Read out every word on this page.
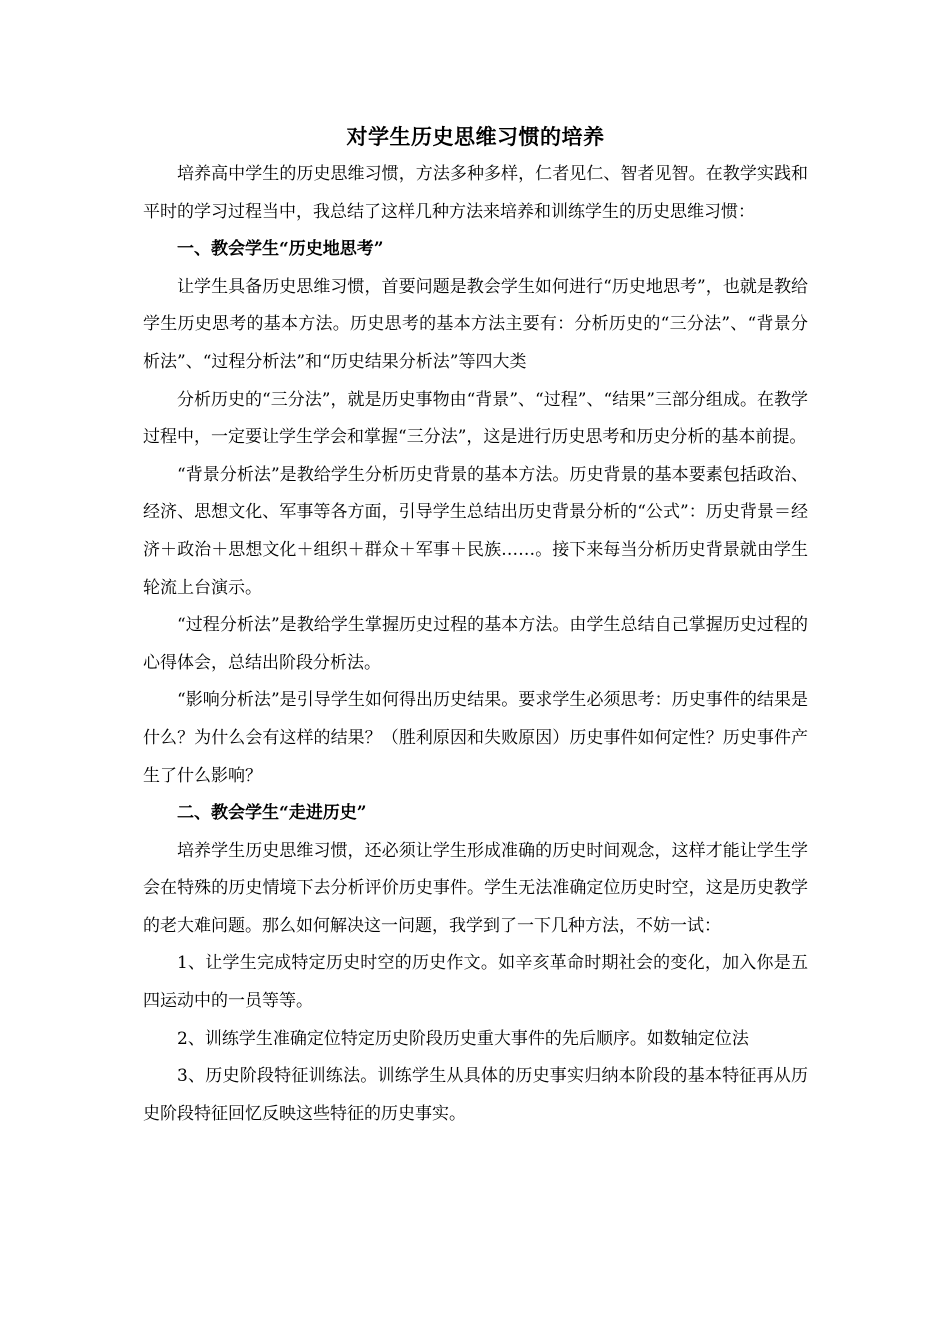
对学生历史思维习惯的培养

培养高中学生的历史思维习惯，方法多种多样，仁者见仁、智者见智。在教学实践和平时的学习过程当中，我总结了这样几种方法来培养和训练学生的历史思维习惯：

一、教会学生“历史地思考”

让学生具备历史思维习惯，首要问题是教会学生如何进行“历史地思考”，也就是教给学生历史思考的基本方法。历史思考的基本方法主要有：分析历史的“三分法”、“背景分析法”、“过程分析法”和“历史结果分析法”等四大类

分析历史的“三分法”，就是历史事物由“背景”、“过程”、“结果”三部分组成。在教学过程中，一定要让学生学会和掌握“三分法”，这是进行历史思考和历史分析的基本前提。

“背景分析法”是教给学生分析历史背景的基本方法。历史背景的基本要素包括政治、经济、思想文化、军事等各方面，引导学生总结出历史背景分析的“公式”：历史背景＝经济＋政治＋思想文化＋组织＋群众＋军事＋民族……。接下来每当分析历史背景就由学生轮流上台演示。

“过程分析法”是教给学生掌握历史过程的基本方法。由学生总结自己掌握历史过程的心得体会，总结出阶段分析法。

“影响分析法”是引导学生如何得出历史结果。要求学生必须思考：历史事件的结果是什么？为什么会有这样的结果？（胜利原因和失败原因）历史事件如何定性？历史事件产生了什么影响？

二、教会学生“走进历史”

培养学生历史思维习惯，还必须让学生形成准确的历史时间观念，这样才能让学生学会在特殊的历史情境下去分析评价历史事件。学生无法准确定位历史时空，这是历史教学的老大难问题。那么如何解决这一问题，我学到了一下几种方法，不妨一试：

1、让学生完成特定历史时空的历史作文。如辛亥革命时期社会的变化，加入你是五四运动中的一员等等。

2、训练学生准确定位特定历史阶段历史重大事件的先后顺序。如数轴定位法

3、历史阶段特征训练法。训练学生从具体的历史事实归纳本阶段的基本特征再从历史阶段特征回忆反映这些特征的历史事实。
